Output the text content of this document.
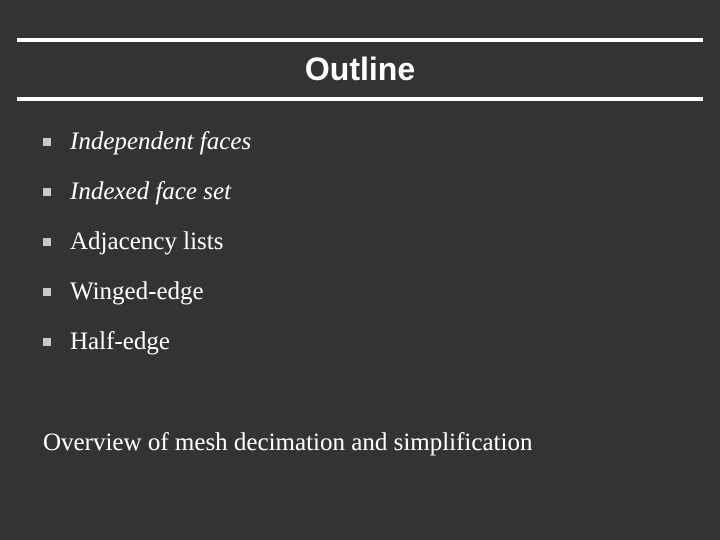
Outline
Independent faces
Indexed face set
Adjacency lists
Winged-edge
Half-edge
Overview of mesh decimation and simplification
